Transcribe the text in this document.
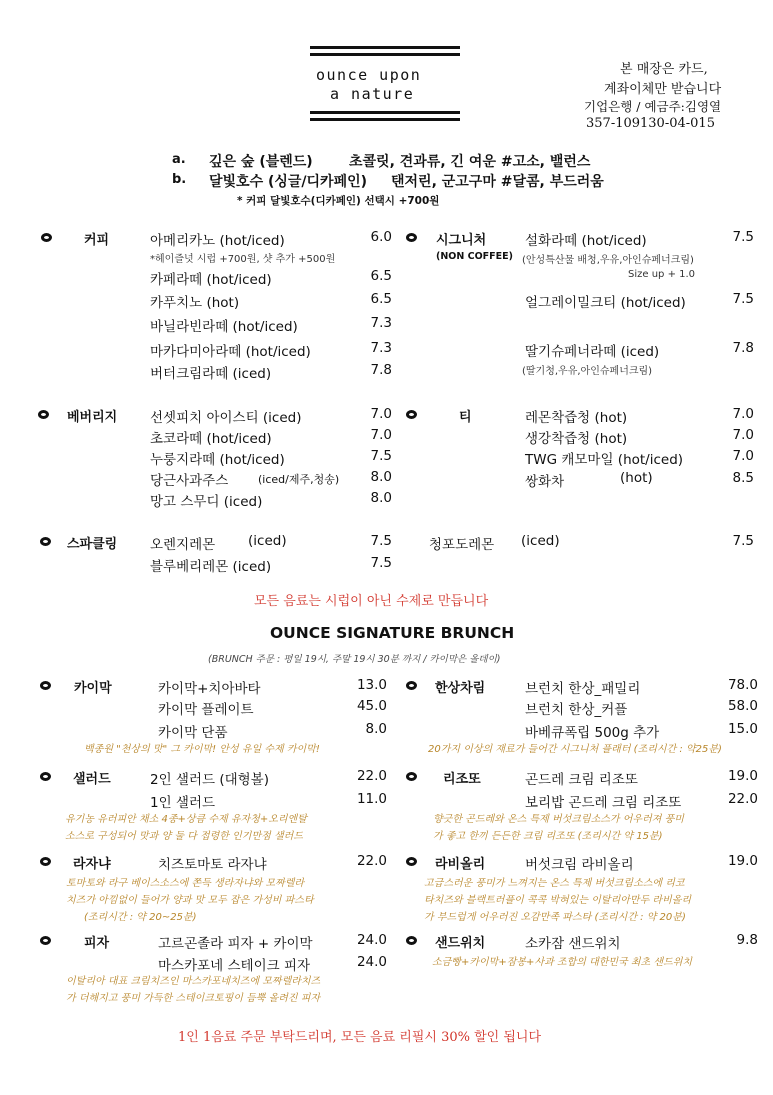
ounce upon
a nature
본 매장은 카드,
계좌이체만 받습니다
기업은행 / 예금주:김영열
357-109130-04-015
a. 깊은 숲 (블렌드)	초콜릿, 견과류, 긴 여운 #고소, 밸런스
b. 달빛호수 (싱글/디카페인) 탠저린, 군고구마 #달콤, 부드러움
* 커피 달빛호수(디카페인) 선택시 +700원
커피	아메리카노 (hot/iced)	6.0
*헤이즐넛 시럽 +700원, 샷 추가 +500원
카페라떼 (hot/iced)	6.5
카푸치노 (hot)	6.5
바닐라빈라떼 (hot/iced)	7.3
마카다미아라떼 (hot/iced)	7.3
버터크림라떼 (iced)	7.8
시그니처
(NON COFFEE)
설화라떼 (hot/iced)	7.5
(안성특산물 배청,우유,아인슈페너크림)
Size up + 1.0
얼그레이밀크티 (hot/iced)	7.5
딸기슈페너라떼 (iced)	7.8
(딸기청,우유,아인슈페너크림)
베버리지 선셋피치 아이스티 (iced)	7.0
초코라떼 (hot/iced)	7.0
누룽지라떼 (hot/iced)	7.5
당근사과주스	(iced/제주,청송)	8.0
망고 스무디 (iced)	8.0
티	레몬착즙청 (hot)	7.0
생강착즙청 (hot)	7.0
TWG 캐모마일 (hot/iced)	7.0
쌍화차	(hot)	8.5
스파클링 오렌지레몬 (iced)	7.5
블루베리레몬 (iced)	7.5
청포도레몬 (iced)	7.5
모든 음료는 시럽이 아닌 수제로 만듭니다
OUNCE SIGNATURE BRUNCH
(BRUNCH 주문 : 평일 19시, 주말 19시 30분 까지 / 카이막은 올데이)
카이막	카이막+치아바타	13.0
카이막 플레이트	45.0
카이막 단품	8.0
백종원 "천상의 맛" 그 카이막! 안성 유일 수제 카이막!
한상차림	브런치 한상_패밀리	78.0
브런치 한상_커플	58.0
바베큐폭립 500g 추가	15.0
20가지 이상의 재료가 들어간 시그니처 플래터 (조리시간 : 약25분)
샐러드	2인 샐러드 (대형볼)	22.0
1인 샐러드	11.0
유기농 유러피안 채소 4종+상큼 수제 유자청+오리엔탈
소스로 구성되어 맛과 양 둘 다 접령한 인기만점 샐러드
리조또	곤드레 크림 리조또	19.0
보리밥 곤드레 크림 리조또	22.0
향긋한 곤드레와 온스 특제 버섯크림소스가 어우러져 풍미
가 좋고 한끼 든든한 크림 리조또 (조리시간 약 15분)
라자냐	치즈토마토 라자냐	22.0
토마토와 라구 베이스소스에 쫀득 생라자냐와 모짜렐라
치즈가 아낌없이 들어가 양과 맛 모두 잡은 가성비 파스타
(조리시간 : 약 20~25분)
라비올리	버섯크림 라비올리	19.0
고급스러운 풍미가 느껴지는 온스 특제 버섯크림소스에 리코
타치즈와 블랙트러플이 콕콕 박혀있는 이탈리아만두 라비올리
가 부드럽게 어우러진 오감만족 파스타 (조리시간 : 약 20분)
피자	고르곤졸라 피자 + 카이막	24.0
마스카포네 스테이크 피자	24.0
이탈리아 대표 크림치즈인 마스카포네치즈에 모짜렐라치즈
가 더해지고 풍미 가득한 스테이크토핑이 듬뿍 올려진 피자
샌드위치	소카잠 샌드위치	9.8
소금빵+카이막+잠봉+사과 조합의 대한민국 최초 샌드위치
1인 1음료 주문 부탁드리며, 모든 음료 리필시 30% 할인 됩니다
